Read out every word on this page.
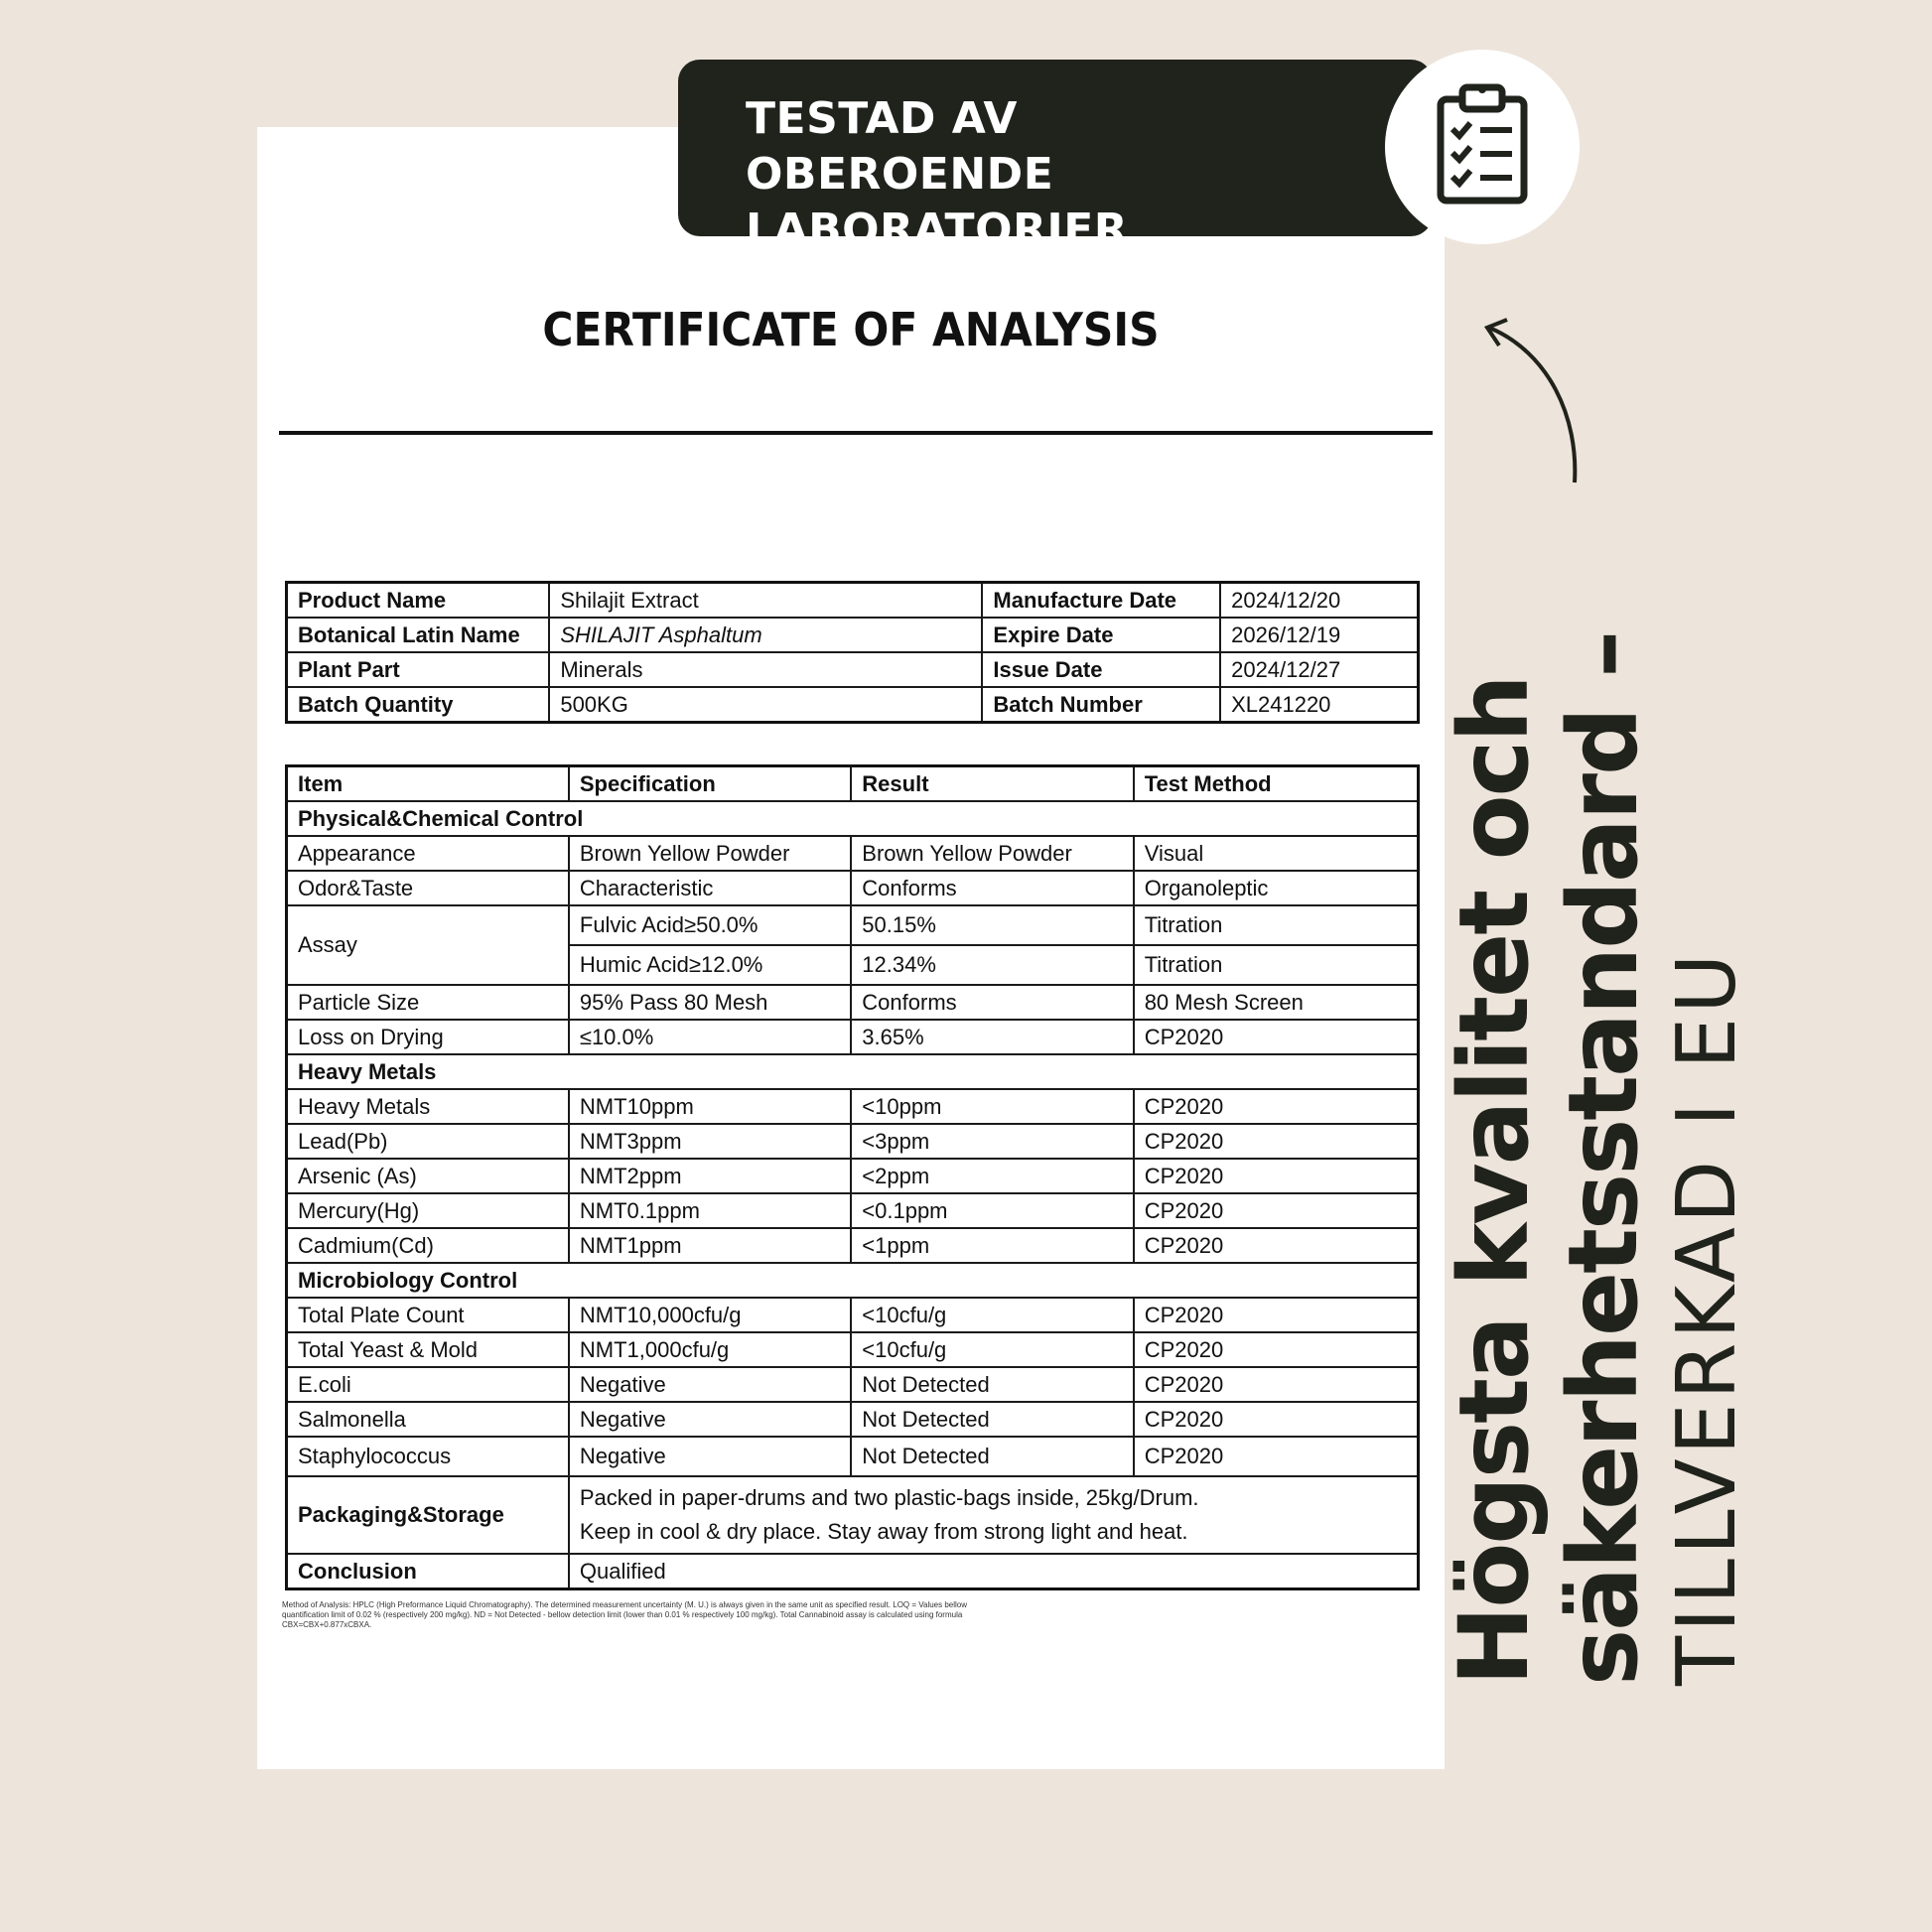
TESTAD AV OBEROENDE
LABORATORIER
CERTIFICATE OF ANALYSIS
Product Name	Shilajit Extract	Manufacture Date	2024/12/20
Botanical Latin Name	SHILAJIT Asphaltum	Expire Date	2026/12/19
Plant Part	Minerals	Issue Date	2024/12/27
Batch Quantity	500KG	Batch Number	XL241220
Item	Specification	Result	Test Method
Physical&Chemical Control			
Appearance	Brown Yellow Powder	Brown Yellow Powder	Visual
Odor&Taste	Characteristic	Conforms	Organoleptic
Assay	Fulvic Acid≥50.0%	50.15%	Titration
	Humic Acid≥12.0%	12.34%	Titration
Particle Size	95% Pass 80 Mesh	Conforms	80 Mesh Screen
Loss on Drying	≤10.0%	3.65%	CP2020
Heavy Metals			
Heavy Metals	NMT10ppm	<10ppm	CP2020
Lead(Pb)	NMT3ppm	<3ppm	CP2020
Arsenic (As)	NMT2ppm	<2ppm	CP2020
Mercury(Hg)	NMT0.1ppm	<0.1ppm	CP2020
Cadmium(Cd)	NMT1ppm	<1ppm	CP2020
Microbiology Control			
Total Plate Count	NMT10,000cfu/g	<10cfu/g	CP2020
Total Yeast & Mold	NMT1,000cfu/g	<10cfu/g	CP2020
E.coli	Negative	Not Detected	CP2020
Salmonella	Negative	Not Detected	CP2020
Staphylococcus	Negative	Not Detected	CP2020
Packaging&Storage	Packed in paper-drums and two plastic-bags inside, 25kg/Drum.
Keep in cool & dry place. Stay away from strong light and heat.		

Conclusion	Qualified		
Method of Analysis: HPLC (High Preformance Liquid Chromatography). The determined measurement uncertainty (M. U.) is always given in the same unit as specified result. LOQ = Values bellow quantification limit of 0.02 % (respectively 200 mg/kg). ND = Not Detected - bellow detection limit (lower than 0.01 % respectively 100 mg/kg). Total Cannabinoid assay is calculated using formula CBX=CBX+0.877xCBXA.	Högsta kvalitet och
säkerhetsstandard – TILLVERKAD I EU
